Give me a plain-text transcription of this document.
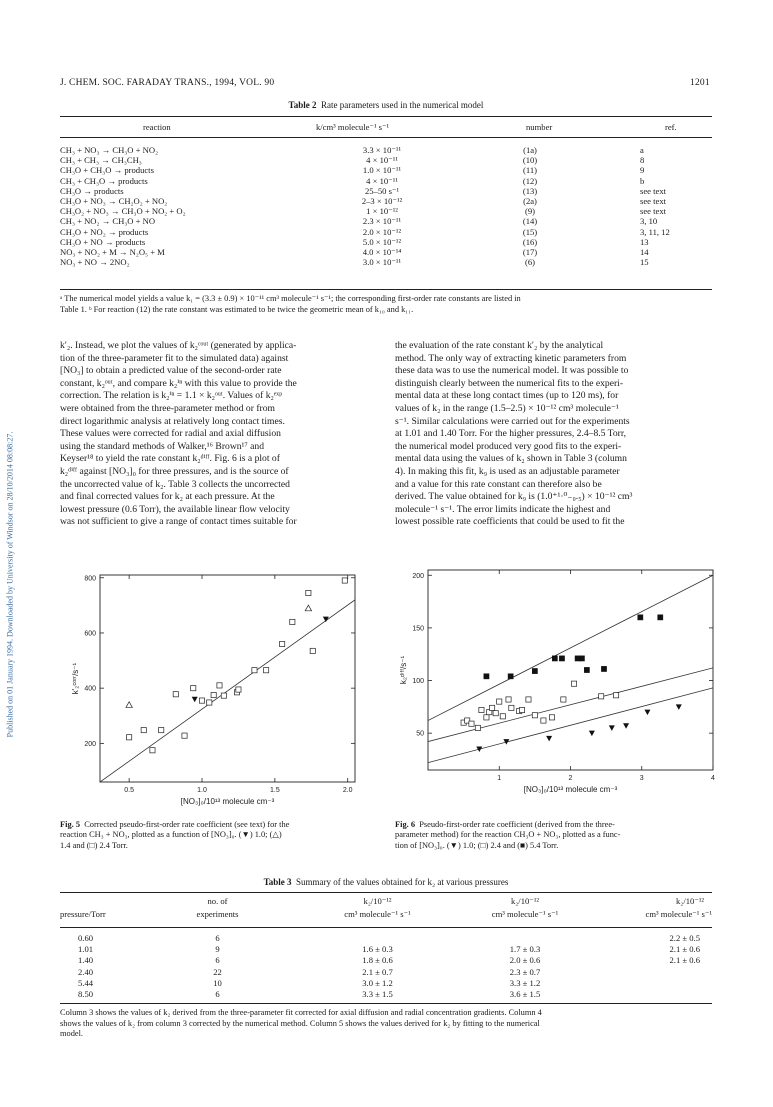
J. CHEM. SOC. FARADAY TRANS., 1994, VOL. 90	1201
Published on 01 January 1994. Downloaded by University of Windsor on 28/10/2014 08:08:27.
Table 2 Rate parameters used in the numerical model
reaction	k/cm³ molecule⁻¹ s⁻¹	number	ref.
CH₃ + NO₃ → CH₃O + NO₂	3.3 × 10⁻¹¹	(1a)	a
CH₃ + CH₃ → CH₃CH₃	4 × 10⁻¹¹	(10)	8
CH₃O + CH₃O → products	1.0 × 10⁻¹¹	(11)	9
CH₃ + CH₃O → products	4 × 10⁻¹¹	(12)	b
CH₃O → products	25–50 s⁻¹	(13)	see text
CH₃O + NO₃ → CH₂O₂ + NO₂	2–3 × 10⁻¹²	(2a)	see text
CH₃O₂ + NO₃ → CH₃O + NO₂ + O₂	1 × 10⁻¹²	(9)	see text
CH₃ + NO₂ → CH₃O + NO	2.3 × 10⁻¹¹	(14)	3, 10
CH₃O + NO₂ → products	2.0 × 10⁻¹²	(15)	3, 11, 12
CH₃O + NO → products	5.0 × 10⁻¹²	(16)	13
NO₃ + NO₂ + M → N₂O₅ + M	4.0 × 10⁻¹⁴	(17)	14
NO₃ + NO → 2NO₂	3.0 × 10⁻¹¹	(6)	15
ᵃ The numerical model yields a value k₁ = (3.3 ± 0.9) × 10⁻¹¹ cm³ molecule⁻¹ s⁻¹; the corresponding first-order rate constants are listed in
Table 1. ᵇ For reaction (12) the rate constant was estimated to be twice the geometric mean of k₁₀ and k₁₁.
k′₂. Instead, we plot the values of k₂ᶜᵒᵘᵗ (generated by applica-
tion of the three-parameter fit to the simulated data) against
[NO₃] to obtain a predicted value of the second-order rate
constant, k₂ᵒᵘᵗ, and compare k₂ⁱⁿ with this value to provide the
correction. The relation is k₂ⁱⁿ = 1.1 × k₂ᵒᵘᵗ. Values of k₂ᵉˣᵖ
were obtained from the three-parameter method or from
direct logarithmic analysis at relatively long contact times.
These values were corrected for radial and axial diffusion
using the standard methods of Walker,¹⁶ Brown¹⁷ and
Keyser¹⁸ to yield the rate constant k₂ᵈⁱᶠᶠ. Fig. 6 is a plot of
k₂ᵈⁱᶠᶠ against [NO₃]₀ for three pressures, and is the source of
the uncorrected value of k₂. Table 3 collects the uncorrected
and final corrected values for k₂ at each pressure. At the
lowest pressure (0.6 Torr), the available linear flow velocity
was not sufficient to give a range of contact times suitable for
the evaluation of the rate constant k′₂ by the analytical
method. The only way of extracting kinetic parameters from
these data was to use the numerical model. It was possible to
distinguish clearly between the numerical fits to the experi-
mental data at these long contact times (up to 120 ms), for
values of k₂ in the range (1.5–2.5) × 10⁻¹² cm³ molecule⁻¹
s⁻¹. Similar calculations were carried out for the experiments
at 1.01 and 1.40 Torr. For the higher pressures, 2.4–8.5 Torr,
the numerical model produced very good fits to the experi-
mental data using the values of k₂ shown in Table 3 (column
4). In making this fit, k₉ is used as an adjustable parameter
and a value for this rate constant can therefore also be
derived. The value obtained for k₉ is (1.0⁺¹·⁰₋₀.₅) × 10⁻¹² cm³
molecule⁻¹ s⁻¹. The error limits indicate the highest and
lowest possible rate coefficients that could be used to fit the
0.5	1.0	1.5	2.0
200
400
600
800
[NO₃]₀/10¹³ molecule cm⁻³
k′₂ᶜᵒʳʳ/s⁻¹
Fig. 5 Corrected pseudo-first-order rate coefficient (see text) for the
reaction CH₃ + NO₃, plotted as a function of [NO₃]₀. (▼) 1.0; (△)
1.4 and (□) 2.4 Torr.
1	2	3	4
50
100
150
200
[NO₃]₀/10¹³ molecule cm⁻³
k₂ᵈⁱᶠᶠ/s⁻¹
Fig. 6 Pseudo-first-order rate coefficient (derived from the three-
parameter method) for the reaction CH₃O + NO₃, plotted as a func-
tion of [NO₃]₀. (▼) 1.0; (□) 2.4 and (■) 5.4 Torr.
Table 3 Summary of the values obtained for k₂ at various pressures
	no. of	k₂/10⁻¹²	k₂/10⁻¹²	k₂/10⁻¹²
pressure/Torr	experiments	cm³ molecule⁻¹ s⁻¹	cm³ molecule⁻¹ s⁻¹	cm³ molecule⁻¹ s⁻¹
0.60	6			2.2 ± 0.5
1.01	9	1.6 ± 0.3	1.7 ± 0.3	2.1 ± 0.6
1.40	6	1.8 ± 0.6	2.0 ± 0.6	2.1 ± 0.6
2.40	22	2.1 ± 0.7	2.3 ± 0.7	
5.44	10	3.0 ± 1.2	3.3 ± 1.2	
8.50	6	3.3 ± 1.5	3.6 ± 1.5	
Column 3 shows the values of k₂ derived from the three-parameter fit corrected for axial diffusion and radial concentration gradients. Column 4
shows the values of k₂ from column 3 corrected by the numerical method. Column 5 shows the values derived for k₂ by fitting to the numerical
model.
